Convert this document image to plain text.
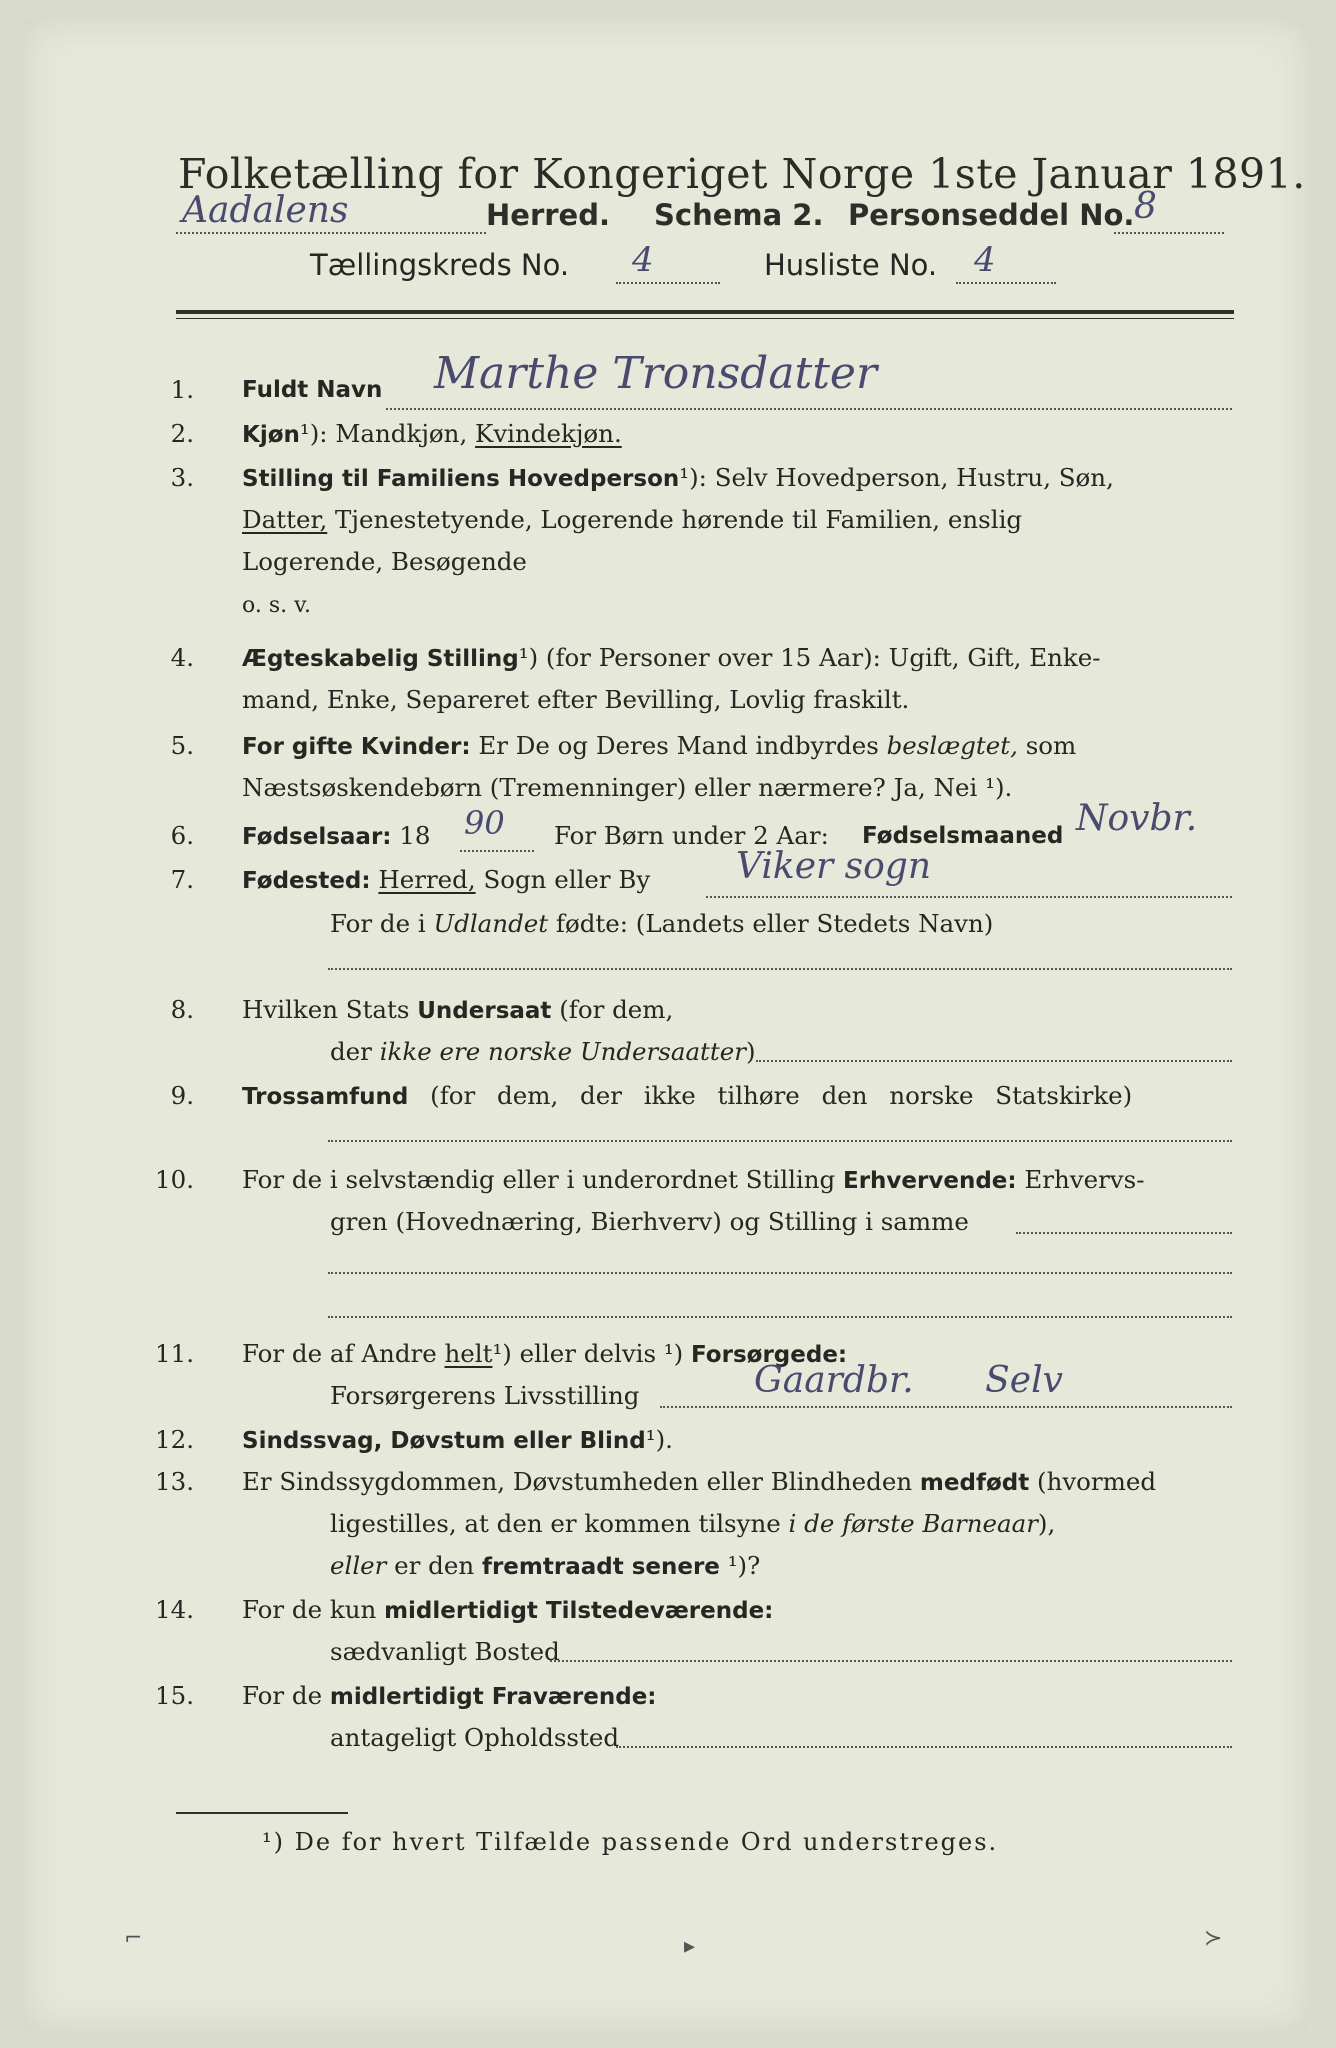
Folketælling for Kongeriget Norge 1ste Januar 1891.
Aadalens	Herred. Schema 2. Personseddel No. 8
Tællingskreds No. 4	Husliste No. 4
1. Fuldt Navn Marthe Tronsdatter
2. Kjøn¹): Mandkjøn, Kvindekjøn.
3. Stilling til Familiens Hovedperson¹): Selv Hovedperson, Hustru, Søn,
Datter, Tjenestetyende, Logerende hørende til Familien, enslig
Logerende, Besøgende
o. s. v.
4. Ægteskabelig Stilling¹) (for Personer over 15 Aar): Ugift, Gift, Enke-
mand, Enke, Separeret efter Bevilling, Lovlig fraskilt.
5. For gifte Kvinder: Er De og Deres Mand indbyrdes beslægtet, som
Næstsøskendebørn (Tremenninger) eller nærmere? Ja, Nei ¹).
6. Fødselsaar: 18 90 For Børn under 2 Aar: Fødselsmaaned Novbr.
7. Fødested: Herred, Sogn eller By Viker sogn
For de i Udlandet fødte: (Landets eller Stedets Navn)
8. Hvilken Stats Undersaat (for dem,
der ikke ere norske Undersaatter)
9. Trossamfund (for dem, der ikke tilhøre den norske Statskirke)
10. For de i selvstændig eller i underordnet Stilling Erhvervende: Erhvervs-
gren (Hovednæring, Bierhverv) og Stilling i samme
11. For de af Andre helt¹) eller delvis ¹) Forsørgede:
Forsørgerens Livsstilling	Gaardbr. Selv
12. Sindssvag, Døvstum eller Blind¹).
13. Er Sindssygdommen, Døvstumheden eller Blindheden medfødt (hvormed
ligestilles, at den er kommen tilsyne i de første Barneaar),
eller er den fremtraadt senere ¹)?
14. For de kun midlertidigt Tilstedeværende:
sædvanligt Bosted
15. For de midlertidigt Fraværende:
antageligt Opholdssted
¹) De for hvert Tilfælde passende Ord understreges.
⌐	▸	≻
